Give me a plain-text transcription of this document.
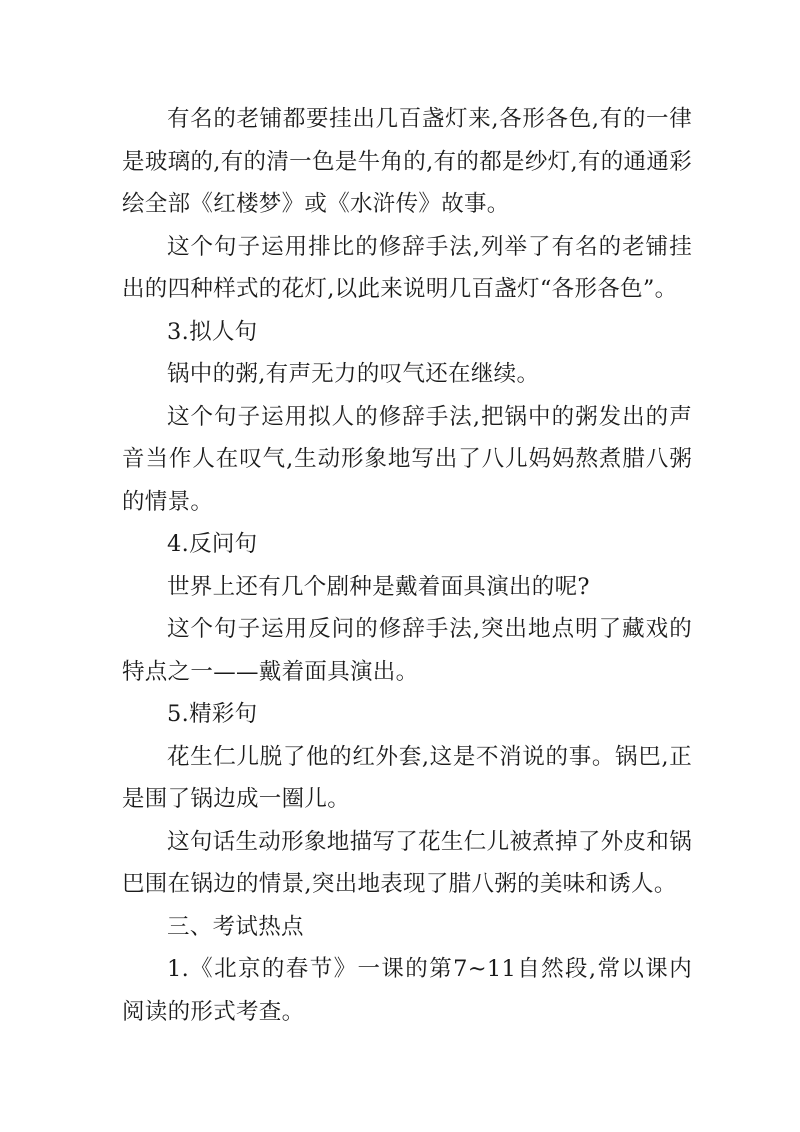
有名的老铺都要挂出几百盏灯来,各形各色,有的一律是玻璃的,有的清一色是牛角的,有的都是纱灯,有的通通彩绘全部《红楼梦》或《水浒传》故事。

这个句子运用排比的修辞手法,列举了有名的老铺挂出的四种样式的花灯,以此来说明几百盏灯“各形各色”。

3.拟人句

锅中的粥,有声无力的叹气还在继续。

这个句子运用拟人的修辞手法,把锅中的粥发出的声音当作人在叹气,生动形象地写出了八儿妈妈熬煮腊八粥的情景。

4.反问句

世界上还有几个剧种是戴着面具演出的呢?

这个句子运用反问的修辞手法,突出地点明了藏戏的特点之一——戴着面具演出。

5.精彩句

花生仁儿脱了他的红外套,这是不消说的事。锅巴,正是围了锅边成一圈儿。

这句话生动形象地描写了花生仁儿被煮掉了外皮和锅巴围在锅边的情景,突出地表现了腊八粥的美味和诱人。

三、考试热点

1.《北京的春节》一课的第7~11自然段,常以课内阅读的形式考查。
